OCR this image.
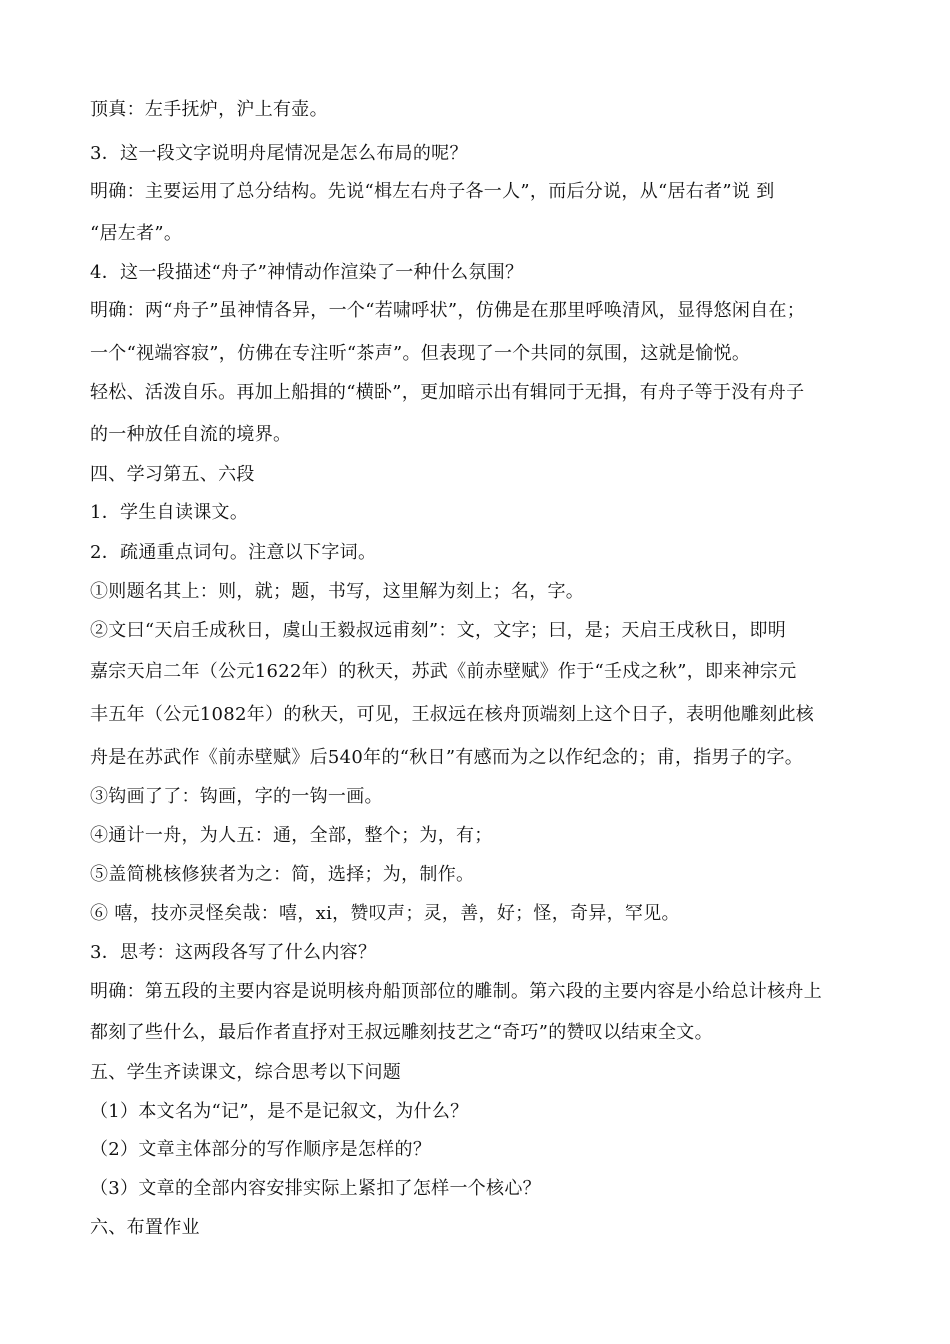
顶真：左手抚炉，沪上有壶。
3．这一段文字说明舟尾情况是怎么布局的呢？
明确：主要运用了总分结构。先说“楫左右舟子各一人”，而后分说，从“居右者”说 到
“居左者”。
4．这一段描述“舟子”神情动作渲染了一种什么氛围？
明确：两“舟子”虽神情各异，一个“若啸呼状”，仿佛是在那里呼唤清风，显得悠闲自在；
一个“视端容寂”，仿佛在专注听“茶声”。但表现了一个共同的氛围，这就是愉悦。
轻松、活泼自乐。再加上船揖的“横卧”，更加暗示出有辑同于无揖，有舟子等于没有舟子
的一种放任自流的境界。
四、学习第五、六段
1．学生自读课文。
2．疏通重点词句。注意以下字词。
①则题名其上：则，就；题，书写，这里解为刻上；名，字。
②文曰“天启壬成秋日，虞山王毅叔远甫刻”：文，文字；曰，是；天启王戌秋日，即明
嘉宗天启二年（公元1622年）的秋天，苏武《前赤壁赋》作于“壬戍之秋”，即来神宗元
丰五年（公元1082年）的秋天，可见，王叔远在核舟顶端刻上这个日子，表明他雕刻此核
舟是在苏武作《前赤壁赋》后540年的“秋日”有感而为之以作纪念的；甫，指男子的字。
③钩画了了：钩画，字的一钩一画。
④通计一舟，为人五：通，全部，整个；为，有；
⑤盖简桃核修狭者为之：简，选择；为，制作。
⑥ 嘻，技亦灵怪矣哉：嘻，xi，赞叹声；灵，善，好；怪，奇异，罕见。
3．思考：这两段各写了什么内容？
明确：第五段的主要内容是说明核舟船顶部位的雕制。第六段的主要内容是小给总计核舟上
都刻了些什么，最后作者直抒对王叔远雕刻技艺之“奇巧”的赞叹以结束全文。
五、学生齐读课文，综合思考以下问题
（1）本文名为“记”，是不是记叙文，为什么？
（2）文章主体部分的写作顺序是怎样的？
（3）文章的全部内容安排实际上紧扣了怎样一个核心？
六、布置作业
